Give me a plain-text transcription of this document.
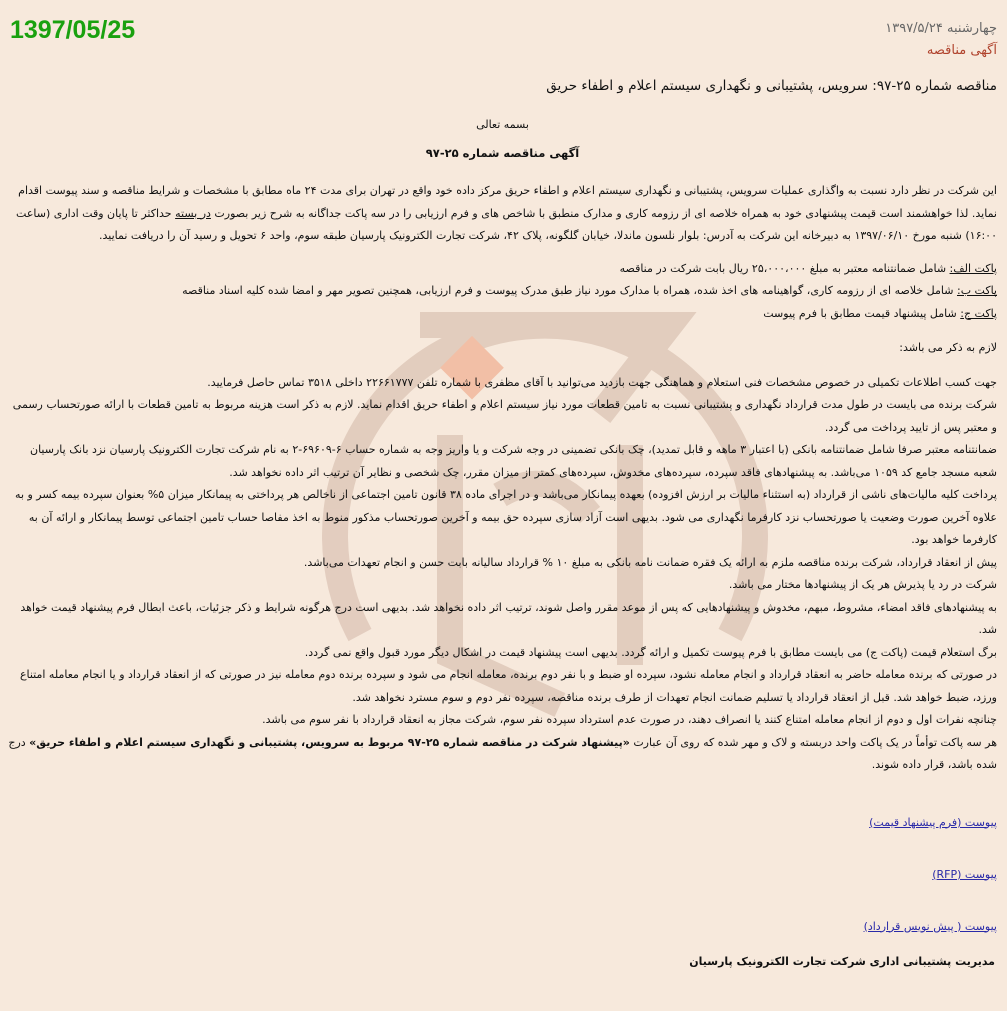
1397/05/25	چهارشنبه ۱۳۹۷/۵/۲۴
آگهی مناقصه
مناقصه شماره ۲۵-۹۷: سرویس، پشتیبانی و نگهداری سیستم اعلام و اطفاء حریق
بسمه تعالی
آگهی مناقصه شماره ۲۵-۹۷

این شرکت در نظر دارد نسبت به واگذاری عملیات سرویس، پشتیبانی و نگهداری سیستم اعلام و اطفاء حریق مرکز داده خود واقع در تهران برای مدت ۲۴ ماه مطابق با مشخصات و شرایط مناقصه و سند پیوست اقدام نماید. لذا خواهشمند است قیمت پیشنهادی خود به همراه خلاصه ای از رزومه کاری و مدارک منطبق با شاخص های و فرم ارزیابی را در سه پاکت جداگانه به شرح زیر بصورت در بسته حداکثر تا پایان وقت اداری (ساعت ۱۶:۰۰) شنبه مورخ ۱۳۹۷/۰۶/۱۰ به دبیرخانه این شرکت به آدرس: بلوار نلسون ماندلا، خیابان گلگونه، پلاک ۴۲، شرکت تجارت الکترونیک پارسیان طبقه سوم، واحد ۶ تحویل و رسید آن را دریافت نمایید.

پاکت الف: شامل ضمانتنامه معتبر به مبلغ ۲۵،۰۰۰،۰۰۰ ریال بابت شرکت در مناقصه

پاکت ب: شامل خلاصه ای از رزومه کاری، گواهینامه های اخذ شده، همراه با مدارک مورد نیاز طبق مدرک پیوست و فرم ارزیابی، همچنین تصویر مهر و امضا شده کلیه اسناد مناقصه

پاکت ج: شامل پیشنهاد قیمت مطابق با فرم پیوست

لازم به ذکر می باشد:

جهت کسب اطلاعات تکمیلی در خصوص مشخصات فنی استعلام و هماهنگی جهت بازدید می‌توانید با آقای مظفری با شماره تلفن ۲۲۶۶۱۷۷۷ داخلی ۳۵۱۸ تماس حاصل فرمایید.

شرکت برنده می بایست در طول مدت قرارداد نگهداری و پشتیبانی نسبت به تامین قطعات مورد نیاز سیستم اعلام و اطفاء حریق اقدام نماید. لازم به ذکر است هزینه مربوط به تامین قطعات با ارائه صورتحساب رسمی و معتبر پس از تایید پرداخت می گردد.

ضمانتنامه معتبر صرفا شامل ضمانتنامه بانکی (با اعتبار ۳ ماهه و قابل تمدید)، چک بانکی تضمینی در وجه شرکت و یا واریز وجه به شماره حساب ۶-۶۹۶۰۹-۲ به نام شرکت تجارت الکترونیک پارسیان نزد بانک پارسیان شعبه مسجد جامع کد ۱۰۵۹ می‌باشد. به پیشنهادهای فاقد سپرده، سپرده‌های مخدوش، سپرده‌های کمتر از میزان مقرر، چک شخصی و نظایر آن ترتیب اثر داده نخواهد شد.

پرداخت کلیه مالیات‌های ناشی از قرارداد (به استثناء مالیات بر ارزش افزوده) بعهده پیمانکار می‌باشد و در اجرای ماده ۳۸ قانون تامین اجتماعی از ناخالص هر پرداختی به پیمانکار میزان ۵% بعنوان سپرده بیمه کسر و به علاوه آخرین صورت وضعیت یا صورتحساب نزد کارفرما نگهداری می شود. بدیهی است آزاد سازی سپرده حق بیمه و آخرین صورتحساب مذکور منوط به اخذ مفاصا حساب تامین اجتماعی توسط پیمانکار و ارائه آن به کارفرما خواهد بود.

پیش از انعقاد قرارداد، شرکت برنده مناقصه ملزم به ارائه یک فقره ضمانت نامه بانکی به مبلغ ۱۰ % قرارداد سالیانه بابت حسن و انجام تعهدات می‌باشد.

شرکت در رد یا پذیرش هر یک از پیشنهادها مختار می باشد.

به پیشنهادهای فاقد امضاء، مشروط، مبهم، مخدوش و پیشنهادهایی که پس از موعد مقرر واصل شوند، ترتیب اثر داده نخواهد شد. بدیهی است درج هرگونه شرایط و ذکر جزئیات، باعث ابطال فرم پیشنهاد قیمت خواهد شد.

برگ استعلام قیمت (پاکت ج) می بایست مطابق با فرم پیوست تکمیل و ارائه گردد. بدیهی است پیشنهاد قیمت در اشکال دیگر مورد قبول واقع نمی گردد.

در صورتی که برنده معامله حاضر به انعقاد قرارداد و انجام معامله نشود، سپرده او ضبط و با نفر دوم برنده، معامله انجام می شود و سپرده برنده دوم معامله نیز در صورتی که از انعقاد قرارداد و یا انجام معامله امتناع ورزد، ضبط خواهد شد. قبل از انعقاد قرارداد یا تسلیم ضمانت انجام تعهدات از طرف برنده مناقصه، سپرده نفر دوم و سوم مسترد نخواهد شد.

چنانچه نفرات اول و دوم از انجام معامله امتناع کنند یا انصراف دهند، در صورت عدم استرداد سپرده نفر سوم، شرکت مجاز به انعقاد قرارداد با نفر سوم می باشد.

هر سه پاکت توأماً در یک پاکت واحد دربسته و لاک و مهر شده که روی آن عبارت «پیشنهاد شرکت در مناقصه شماره ۲۵-۹۷ مربوط به سرویس، پشتیبانی و نگهداری سیستم اعلام و اطفاء حریق» درج شده باشد، قرار داده شوند.

پیوست (فرم پیشنهاد قیمت)
پیوست (RFP)
پیوست ( پیش نویس قرارداد)
مدیریت پشتیبانی اداری شرکت تجارت الکترونیک پارسیان
